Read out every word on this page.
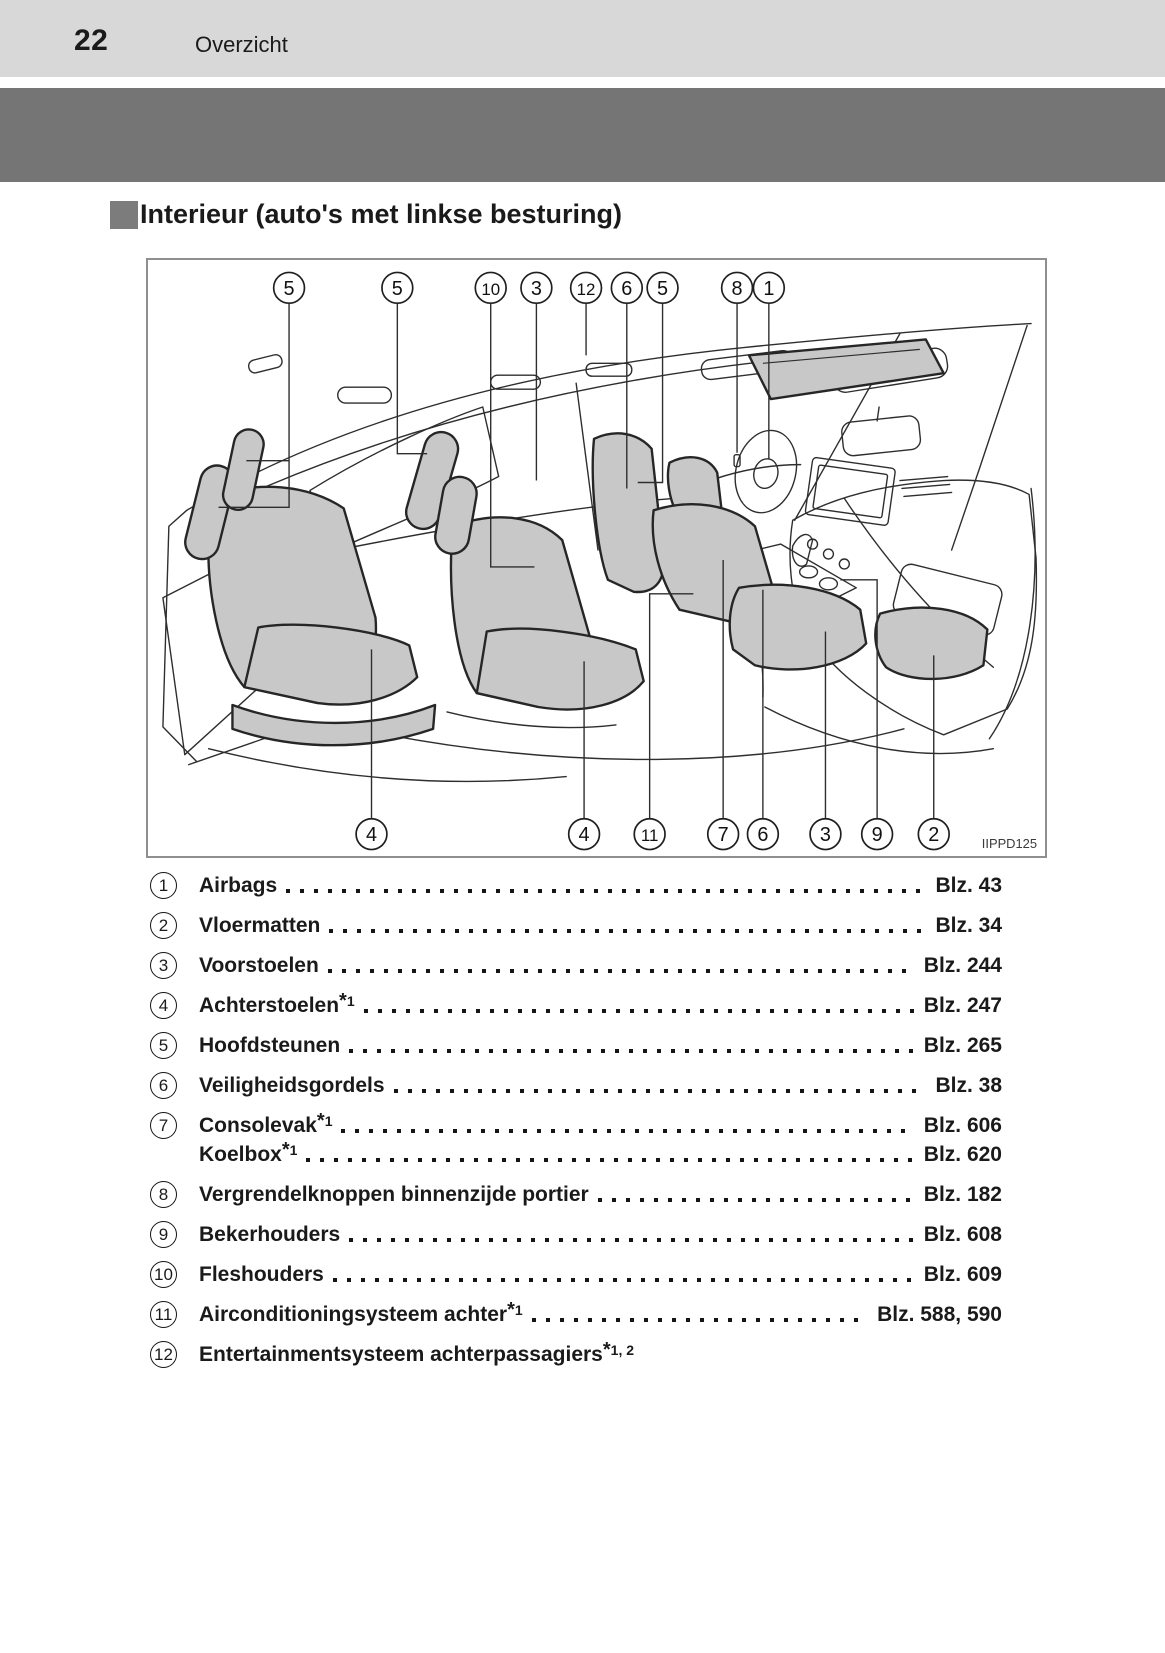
22	Overzicht
Interieur (auto's met linkse besturing)
5	5	10 3 12 6 5	8 1
4	4	11	7 6	3 9 2	IIPPD125
1	Airbags	Blz. 43
2	Vloermatten	Blz. 34
3	Voorstoelen	Blz. 244
4	Achterstoelen *1	Blz. 247
5	Hoofdsteunen	Blz. 265
6	Veiligheidsgordels	Blz. 38
7	Consolevak *1	Blz. 606
Koelbox *1	Blz. 620
8	Vergrendelknoppen binnenzijde portier	Blz. 182
9	Bekerhouders	Blz. 608
10 Fleshouders	Blz. 609
11 Airconditioningsysteem achter *1	Blz. 588, 590
12 Entertainmentsysteem achterpassagiers *1, 2
